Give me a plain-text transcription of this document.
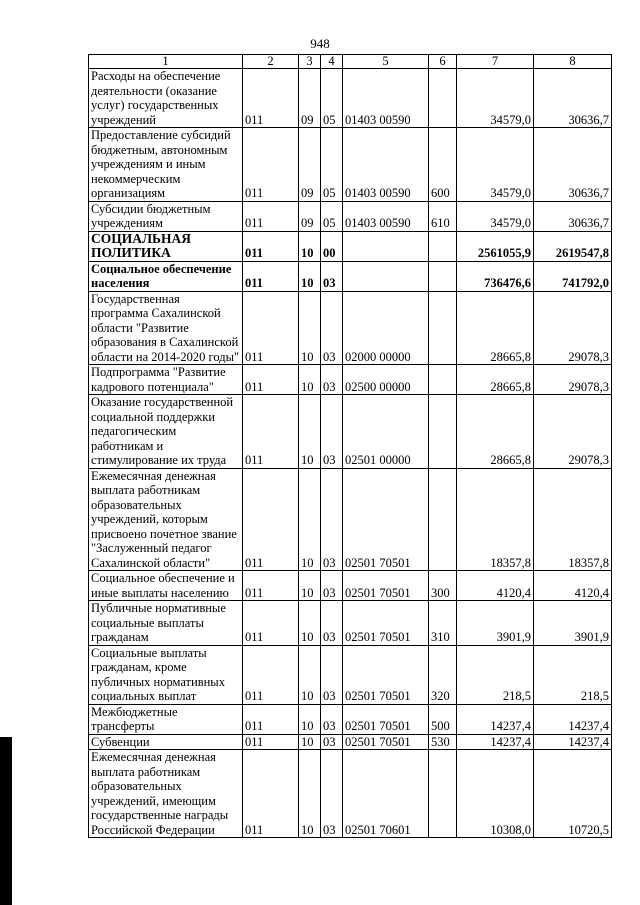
948
1	2	3	4	5	6	7	8
Расходы на обеспечение деятельности (оказание услуг) государственных учреждений	011	09	05	01403 00590		34579,0	30636,7
Предоставление субсидий бюджетным, автономным учреждениям и иным некоммерческим организациям	011	09	05	01403 00590	600	34579,0	30636,7
Субсидии бюджетным учреждениям	011	09	05	01403 00590	610	34579,0	30636,7
СОЦИАЛЬНАЯ ПОЛИТИКА	011	10	00			2561055,9	2619547,8
Социальное обеспечение населения	011	10	03			736476,6	741792,0
Государственная программа Сахалинской области "Развитие образования в Сахалинской области на 2014-2020 годы"	011	10	03	02000 00000		28665,8	29078,3
Подпрограмма "Развитие кадрового потенциала"	011	10	03	02500 00000		28665,8	29078,3
Оказание государственной социальной поддержки педагогическим работникам и стимулирование их труда	011	10	03	02501 00000		28665,8	29078,3
Ежемесячная денежная выплата работникам образовательных учреждений, которым присвоено почетное звание "Заслуженный педагог Сахалинской области"	011	10	03	02501 70501		18357,8	18357,8
Социальное обеспечение и иные выплаты населению	011	10	03	02501 70501	300	4120,4	4120,4
Публичные нормативные социальные выплаты гражданам	011	10	03	02501 70501	310	3901,9	3901,9
Социальные выплаты гражданам, кроме публичных нормативных социальных выплат	011	10	03	02501 70501	320	218,5	218,5
Межбюджетные трансферты	011	10	03	02501 70501	500	14237,4	14237,4
Субвенции	011	10	03	02501 70501	530	14237,4	14237,4
Ежемесячная денежная выплата работникам образовательных учреждений, имеющим государственные награды Российской Федерации	011	10	03	02501 70601		10308,0	10720,5
